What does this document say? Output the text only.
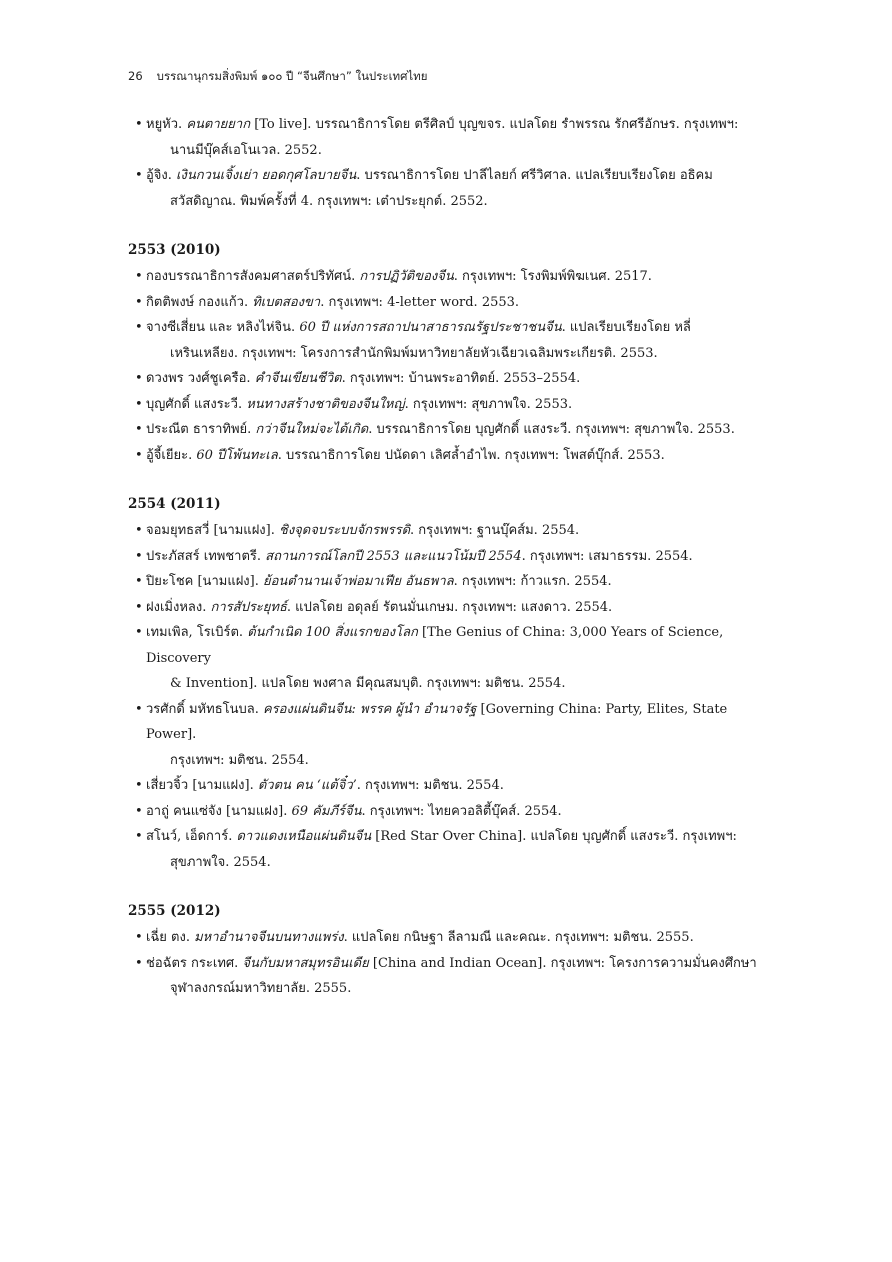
26 บรรณานุกรมสิ่งพิมพ์ ๑๐๐ ปี “จีนศึกษา” ในประเทศไทย
• หยูหัว. คนตายยาก [To live]. บรรณาธิการโดย ตรีศิลป์ บุญขจร. แปลโดย รำพรรณ รักศรีอักษร. กรุงเทพฯ:
นานมีบุ๊คส์เอโนเวล. 2552.
• อู้จิง. เงินกวนเจิ้งเย่า ยอดกุศโลบายจีน. บรรณาธิการโดย ปาลีไลยก์ ศรีวิศาล. แปลเรียบเรียงโดย อธิคม
สวัสดิญาณ. พิมพ์ครั้งที่ 4. กรุงเทพฯ: เต๋าประยุกต์. 2552.
2553 (2010)
• กองบรรณาธิการสังคมศาสตร์ปริทัศน์. การปฏิวัติของจีน. กรุงเทพฯ: โรงพิมพ์พิฆเนศ. 2517.
• กิตติพงษ์ กองแก้ว. ทิเบตสองขา. กรุงเทพฯ: 4-letter word. 2553.
• จางซีเสี่ยน และ หลิงไห่จิน. 60 ปี แห่งการสถาปนาสาธารณรัฐประชาชนจีน. แปลเรียบเรียงโดย หลี่
เหรินเหลียง. กรุงเทพฯ: โครงการสำนักพิมพ์มหาวิทยาลัยหัวเฉียวเฉลิมพระเกียรติ. 2553.
• ดวงพร วงศ์ชูเครือ. คำจีนเขียนชีวิต. กรุงเทพฯ: บ้านพระอาทิตย์. 2553–2554.
• บุญศักดิ์ แสงระวี. หนทางสร้างชาติของจีนใหญ่. กรุงเทพฯ: สุขภาพใจ. 2553.
• ประณีต ธาราทิพย์. กว่าจีนใหม่จะได้เกิด. บรรณาธิการโดย บุญศักดิ์ แสงระวี. กรุงเทพฯ: สุขภาพใจ. 2553.
• อู้จี้เยียะ. 60 ปีโพ้นทะเล. บรรณาธิการโดย ปนัดดา เลิศล้ำอำไพ. กรุงเทพฯ: โพสต์บุ๊กส์. 2553.
2554 (2011)
• จอมยุทธสวี่ [นามแฝง]. ชิงจุดจบระบบจักรพรรดิ. กรุงเทพฯ: ฐานบุ๊คส์ม. 2554.
• ประภัสสร์ เทพชาตรี. สถานการณ์โลกปี 2553 และแนวโน้มปี 2554. กรุงเทพฯ: เสมาธรรม. 2554.
• ปิยะโชค [นามแฝง]. ย้อนตำนานเจ้าพ่อมาเฟีย อันธพาล. กรุงเทพฯ: ก้าวแรก. 2554.
• ฝงเมิ่งหลง. การสัประยุทธ์. แปลโดย อดุลย์ รัตนมั่นเกษม. กรุงเทพฯ: แสงดาว. 2554.
• เทมเพิล, โรเบิร์ต. ต้นกำเนิด 100 สิ่งแรกของโลก [The Genius of China: 3,000 Years of Science, Discovery
& Invention]. แปลโดย พงศาล มีคุณสมบุติ. กรุงเทพฯ: มติชน. 2554.
• วรศักดิ์ มหัทธโนบล. ครองแผ่นดินจีน: พรรค ผู้นำ อำนาจรัฐ [Governing China: Party, Elites, State Power].
กรุงเทพฯ: มติชน. 2554.
• เสี่ยวจิ้ว [นามแฝง]. ตัวตน คน ‘แต้จิ๋ว’. กรุงเทพฯ: มติชน. 2554.
• อาถู่ คนแซ่จัง [นามแฝง]. 69 คัมภีร์จีน. กรุงเทพฯ: ไทยควอลิตี้บุ๊คส์. 2554.
• สโนว์, เอ็ดการ์. ดาวแดงเหนือแผ่นดินจีน [Red Star Over China]. แปลโดย บุญศักดิ์ แสงระวี. กรุงเทพฯ:
สุขภาพใจ. 2554.
2555 (2012)
• เฉี่ย ตง. มหาอำนาจจีนบนทางแพร่ง. แปลโดย กนิษฐา ลีลามณี และคณะ. กรุงเทพฯ: มติชน. 2555.
• ช่อฉัตร กระเทศ. จีนกับมหาสมุทรอินเดีย [China and Indian Ocean]. กรุงเทพฯ: โครงการความมั่นคงศึกษา
จุฬาลงกรณ์มหาวิทยาลัย. 2555.
